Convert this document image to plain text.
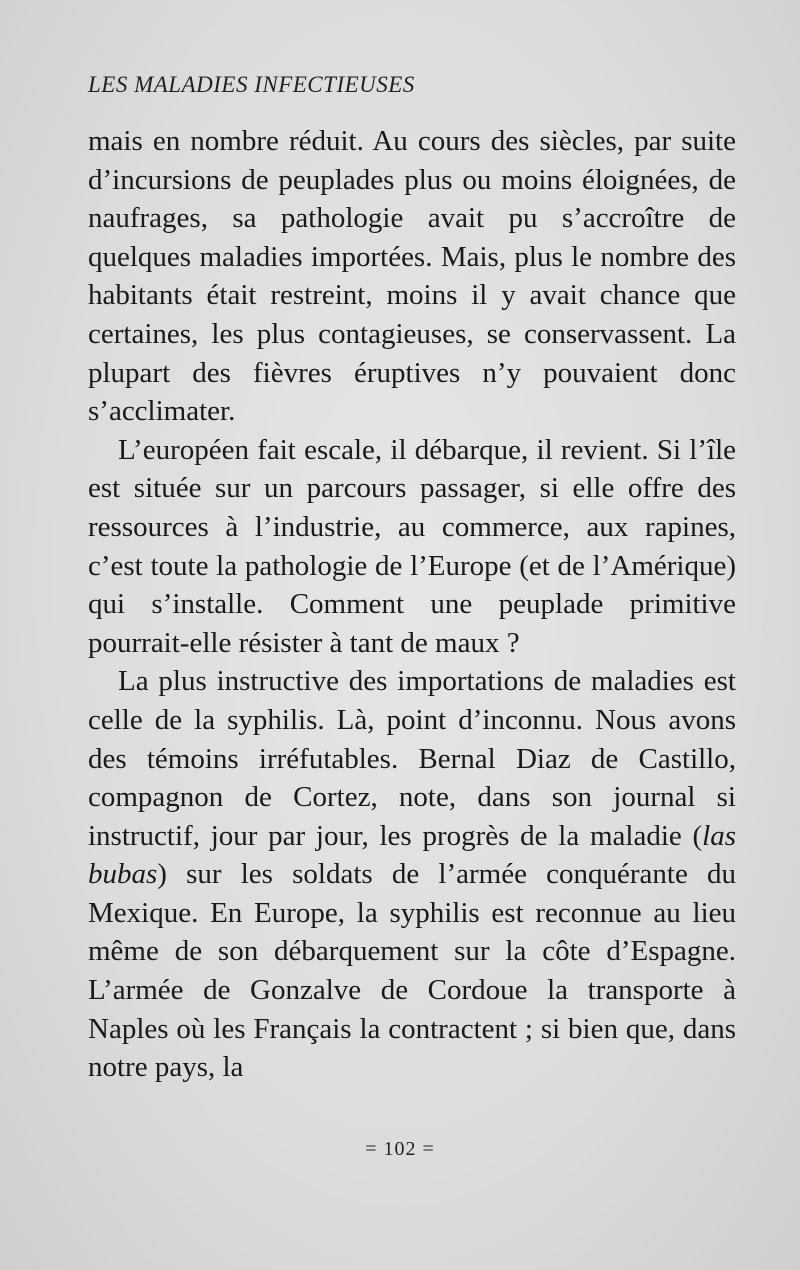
LES MALADIES INFECTIEUSES

mais en nombre réduit. Au cours des siècles, par suite d’incursions de peuplades plus ou moins éloignées, de naufrages, sa pathologie avait pu s’accroître de quelques maladies importées. Mais, plus le nombre des habitants était restreint, moins il y avait chance que certaines, les plus contagieuses, se conservassent. La plupart des fièvres éruptives n’y pouvaient donc s’acclimater.

L’européen fait escale, il débarque, il revient. Si l’île est située sur un parcours passager, si elle offre des ressources à l’industrie, au commerce, aux rapines, c’est toute la pathologie de l’Europe (et de l’Amérique) qui s’installe. Comment une peuplade primitive pourrait-elle résister à tant de maux ?

La plus instructive des importations de maladies est celle de la syphilis. Là, point d’inconnu. Nous avons des témoins irréfutables. Bernal Diaz de Castillo, compagnon de Cortez, note, dans son journal si instructif, jour par jour, les progrès de la maladie (las bubas) sur les soldats de l’armée conquérante du Mexique. En Europe, la syphilis est reconnue au lieu même de son débarquement sur la côte d’Espagne. L’armée de Gonzalve de Cordoue la transporte à Naples où les Français la contractent ; si bien que, dans notre pays, la

= 102 =
